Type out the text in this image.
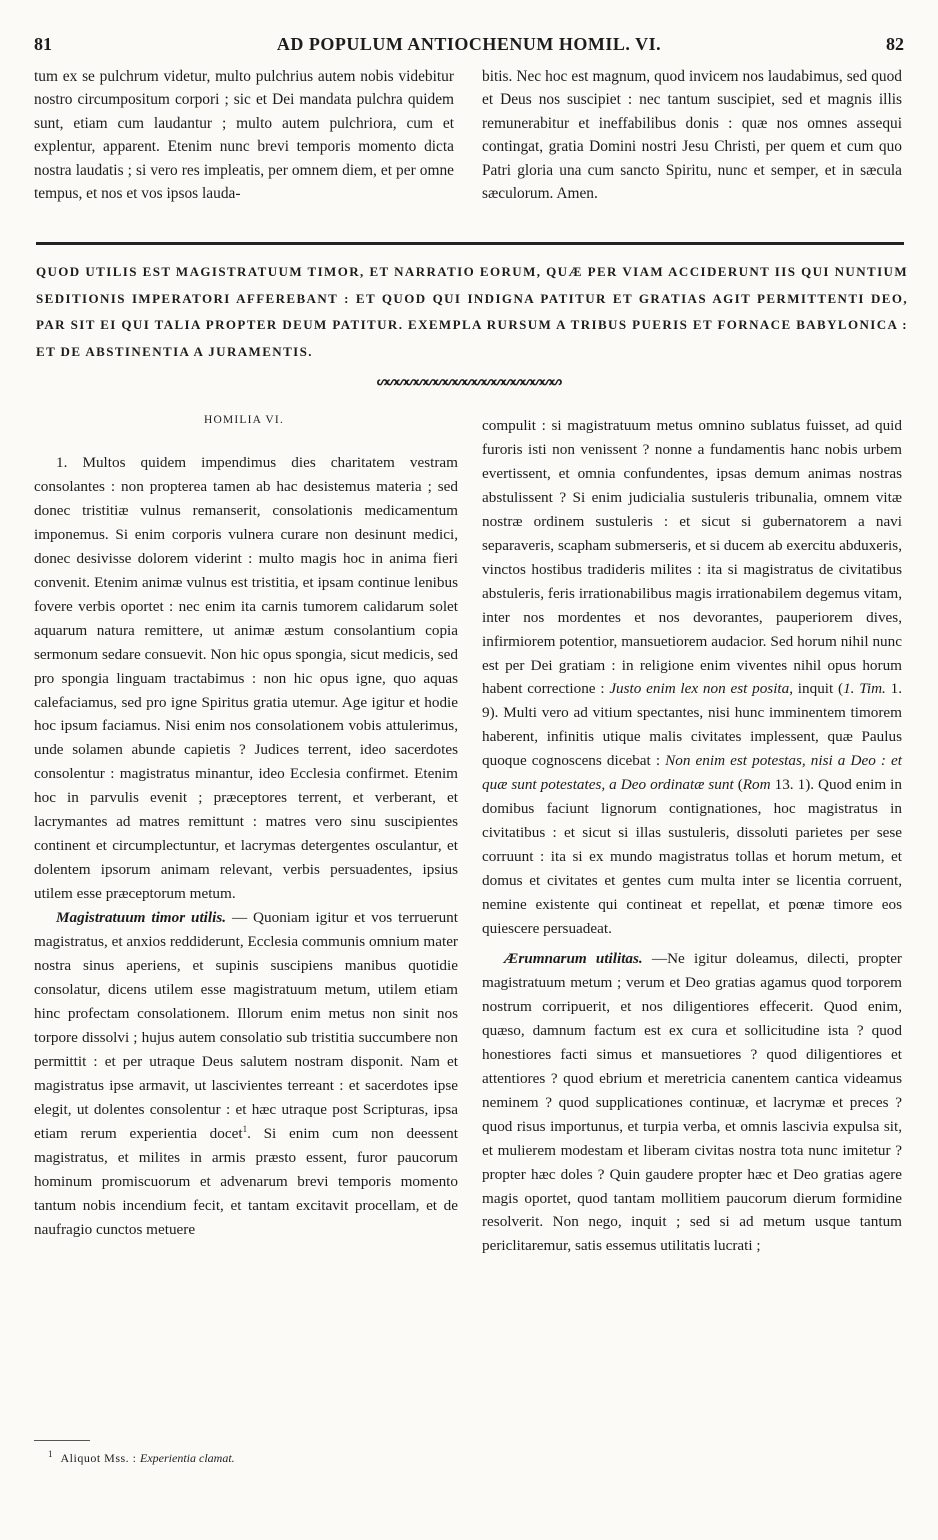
81	AD POPULUM ANTIOCHENUM HOMIL. VI.	82

tum ex se pulchrum videtur, multo pulchrius autem nobis videbitur nostro circumpositum corpori ; sic et Dei mandata pulchra quidem sunt, etiam cum laudantur ; multo autem pulchriora, cum et explentur, apparent. Etenim nunc brevi temporis momento dicta nostra laudatis ; si vero res impleatis, per omnem diem, et per omne tempus, et nos et vos ipsos lauda-

bitis. Nec hoc est magnum, quod invicem nos laudabimus, sed quod et Deus nos suscipiet : nec tantum suscipiet, sed et magnis illis remunerabitur et ineffabilibus donis : quæ nos omnes assequi contingat, gratia Domini nostri Jesu Christi, per quem et cum quo Patri gloria una cum sancto Spiritu, nunc et semper, et in sæcula sæculorum. Amen.

QUOD UTILIS EST MAGISTRATUUM TIMOR, ET NARRATIO EORUM, QUÆ PER VIAM ACCIDERUNT IIS QUI NUNTIUM SEDITIONIS IMPERATORI AFFEREBANT : ET QUOD QUI INDIGNA PATITUR ET GRATIAS AGIT PERMITTENTI DEO, PAR SIT EI QUI TALIA PROPTER DEUM PATITUR. EXEMPLA RURSUM A TRIBUS PUERIS ET FORNACE BABYLONICA : ET DE ABSTINENTIA A JURAMENTIS.
ᔕᔕᔕᔕᔕᔕᔕᔕᔕᔕᔕᔕᔕᔕᔕᔕᔕᔕᔕ
HOMILIA VI.

1. Multos quidem impendimus dies charitatem vestram consolantes : non propterea tamen ab hac desistemus materia ; sed donec tristitiæ vulnus remanserit, consolationis medicamentum imponemus. Si enim corporis vulnera curare non desinunt medici, donec desivisse dolorem viderint : multo magis hoc in anima fieri convenit. Etenim animæ vulnus est tristitia, et ipsam continue lenibus fovere verbis oportet : nec enim ita carnis tumorem calidarum solet aquarum natura remittere, ut animæ æstum consolantium copia sermonum sedare consuevit. Non hic opus spongia, sicut medicis, sed pro spongia linguam tractabimus : non hic opus igne, quo aquas calefaciamus, sed pro igne Spiritus gratia utemur. Age igitur et hodie hoc ipsum faciamus. Nisi enim nos consolationem vobis attulerimus, unde solamen abunde capietis ? Judices terrent, ideo sacerdotes consolentur : magistratus minantur, ideo Ecclesia confirmet. Etenim hoc in parvulis evenit ; præceptores terrent, et verberant, et lacrymantes ad matres remittunt : matres vero sinu suscipientes continent et circumplectuntur, et lacrymas detergentes osculantur, et dolentem ipsorum animam relevant, verbis persuadentes, ipsius utilem esse præceptorum metum.

Magistratuum timor utilis. — Quoniam igitur et vos terruerunt magistratus, et anxios reddiderunt, Ecclesia communis omnium mater nostra sinus aperiens, et supinis suscipiens manibus quotidie consolatur, dicens utilem esse magistratuum metum, utilem etiam hinc profectam consolationem. Illorum enim metus non sinit nos torpore dissolvi ; hujus autem consolatio sub tristitia succumbere non permittit : et per utraque Deus salutem nostram disponit. Nam et magistratus ipse armavit, ut lascivientes terreant : et sacerdotes ipse elegit, ut dolentes consolentur : et hæc utraque post Scripturas, ipsa etiam rerum experientia docet$^1$. Si enim cum non deessent magistratus, et milites in armis præsto essent, furor paucorum hominum promiscuorum et advenarum brevi temporis momento tantum nobis incendium fecit, et tantam excitavit procellam, et de naufragio cunctos metuere

compulit : si magistratuum metus omnino sublatus fuisset, ad quid furoris isti non venissent ? nonne a fundamentis hanc nobis urbem evertissent, et omnia confundentes, ipsas demum animas nostras abstulissent ? Si enim judicialia sustuleris tribunalia, omnem vitæ nostræ ordinem sustuleris : et sicut si gubernatorem a navi separaveris, scapham submerseris, et si ducem ab exercitu abduxeris, vinctos hostibus tradideris milites : ita si magistratus de civitatibus abstuleris, feris irrationabilibus magis irrationabilem degemus vitam, inter nos mordentes et nos devorantes, pauperiorem dives, infirmiorem potentior, mansuetiorem audacior. Sed horum nihil nunc est per Dei gratiam : in religione enim viventes nihil opus horum habent correctione : Justo enim lex non est posita, inquit (1. Tim. 1. 9). Multi vero ad vitium spectantes, nisi hunc imminentem timorem haberent, infinitis utique malis civitates implessent, quæ Paulus quoque cognoscens dicebat : Non enim est potestas, nisi a Deo : et quæ sunt potestates, a Deo ordinatæ sunt (Rom 13. 1). Quod enim in domibus faciunt lignorum contignationes, hoc magistratus in civitatibus : et sicut si illas sustuleris, dissoluti parietes per sese corruunt : ita si ex mundo magistratus tollas et horum metum, et domus et civitates et gentes cum multa inter se licentia corruent, nemine existente qui contineat et repellat, et pœnæ timore eos quiescere persuadeat.

Ærumnarum utilitas. —Ne igitur doleamus, dilecti, propter magistratuum metum ; verum et Deo gratias agamus quod torporem nostrum corripuerit, et nos diligentiores effecerit. Quod enim, quæso, damnum factum est ex cura et sollicitudine ista ? quod honestiores facti simus et mansuetiores ? quod diligentiores et attentiores ? quod ebrium et meretricia canentem cantica videamus neminem ? quod supplicationes continuæ, et lacrymæ et preces ? quod risus importunus, et turpia verba, et omnis lascivia expulsa sit, et mulierem modestam et liberam civitas nostra tota nunc imitetur ? propter hæc doles ? Quin gaudere propter hæc et Deo gratias agere magis oportet, quod tantam mollitiem paucorum dierum formidine resolverit. Non nego, inquit ; sed si ad metum usque tantum periclitaremur, satis essemus utilitatis lucrati ;

$^1$ Aliquot Mss. : Experientia clamat.
